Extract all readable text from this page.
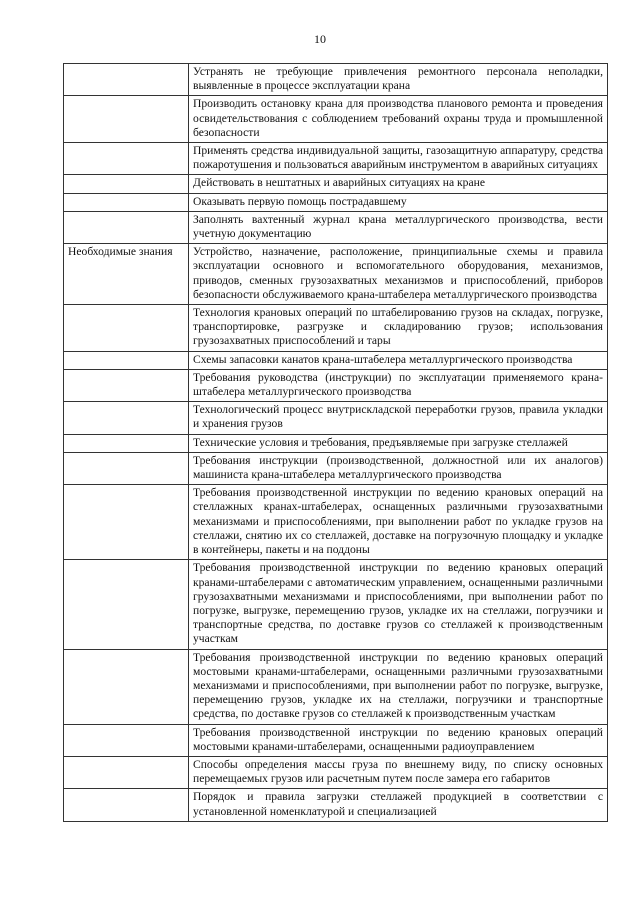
10
	Устранять не требующие привлечения ремонтного персонала неполадки, выявленные в процессе эксплуатации крана
	Производить остановку крана для производства планового ремонта и проведения освидетельствования с соблюдением требований охраны труда и промышленной безопасности
	Применять средства индивидуальной защиты, газозащитную аппаратуру, средства пожаротушения и пользоваться аварийным инструментом в аварийных ситуациях
	Действовать в нештатных и аварийных ситуациях на кране
	Оказывать первую помощь пострадавшему
	Заполнять вахтенный журнал крана металлургического производства, вести учетную документацию
Необходимые знания	Устройство, назначение, расположение, принципиальные схемы и правила эксплуатации основного и вспомогательного оборудования, механизмов, приводов, сменных грузозахватных механизмов и приспособлений, приборов безопасности обслуживаемого крана-штабелера металлургического производства
	Технология крановых операций по штабелированию грузов на складах, погрузке, транспортировке, разгрузке и складированию грузов; использования грузозахватных приспособлений и тары
	Схемы запасовки канатов крана-штабелера металлургического производства
	Требования руководства (инструкции) по эксплуатации применяемого крана-штабелера металлургического производства
	Технологический процесс внутрискладской переработки грузов, правила укладки и хранения грузов
	Технические условия и требования, предъявляемые при загрузке стеллажей
	Требования инструкции (производственной, должностной или их аналогов) машиниста крана-штабелера металлургического производства
	Требования производственной инструкции по ведению крановых операций на стеллажных кранах-штабелерах, оснащенных различными грузозахватными механизмами и приспособлениями, при выполнении работ по укладке грузов на стеллажи, снятию их со стеллажей, доставке на погрузочную площадку и укладке в контейнеры, пакеты и на поддоны
	Требования производственной инструкции по ведению крановых операций кранами-штабелерами с автоматическим управлением, оснащенными различными грузозахватными механизмами и приспособлениями, при выполнении работ по погрузке, выгрузке, перемещению грузов, укладке их на стеллажи, погрузчики и транспортные средства, по доставке грузов со стеллажей к производственным участкам
	Требования производственной инструкции по ведению крановых операций мостовыми кранами-штабелерами, оснащенными различными грузозахватными механизмами и приспособлениями, при выполнении работ по погрузке, выгрузке, перемещению грузов, укладке их на стеллажи, погрузчики и транспортные средства, по доставке грузов со стеллажей к производственным участкам
	Требования производственной инструкции по ведению крановых операций мостовыми кранами-штабелерами, оснащенными радиоуправлением
	Способы определения массы груза по внешнему виду, по списку основных перемещаемых грузов или расчетным путем после замера его габаритов
	Порядок и правила загрузки стеллажей продукцией в соответствии с установленной номенклатурой и специализацией
